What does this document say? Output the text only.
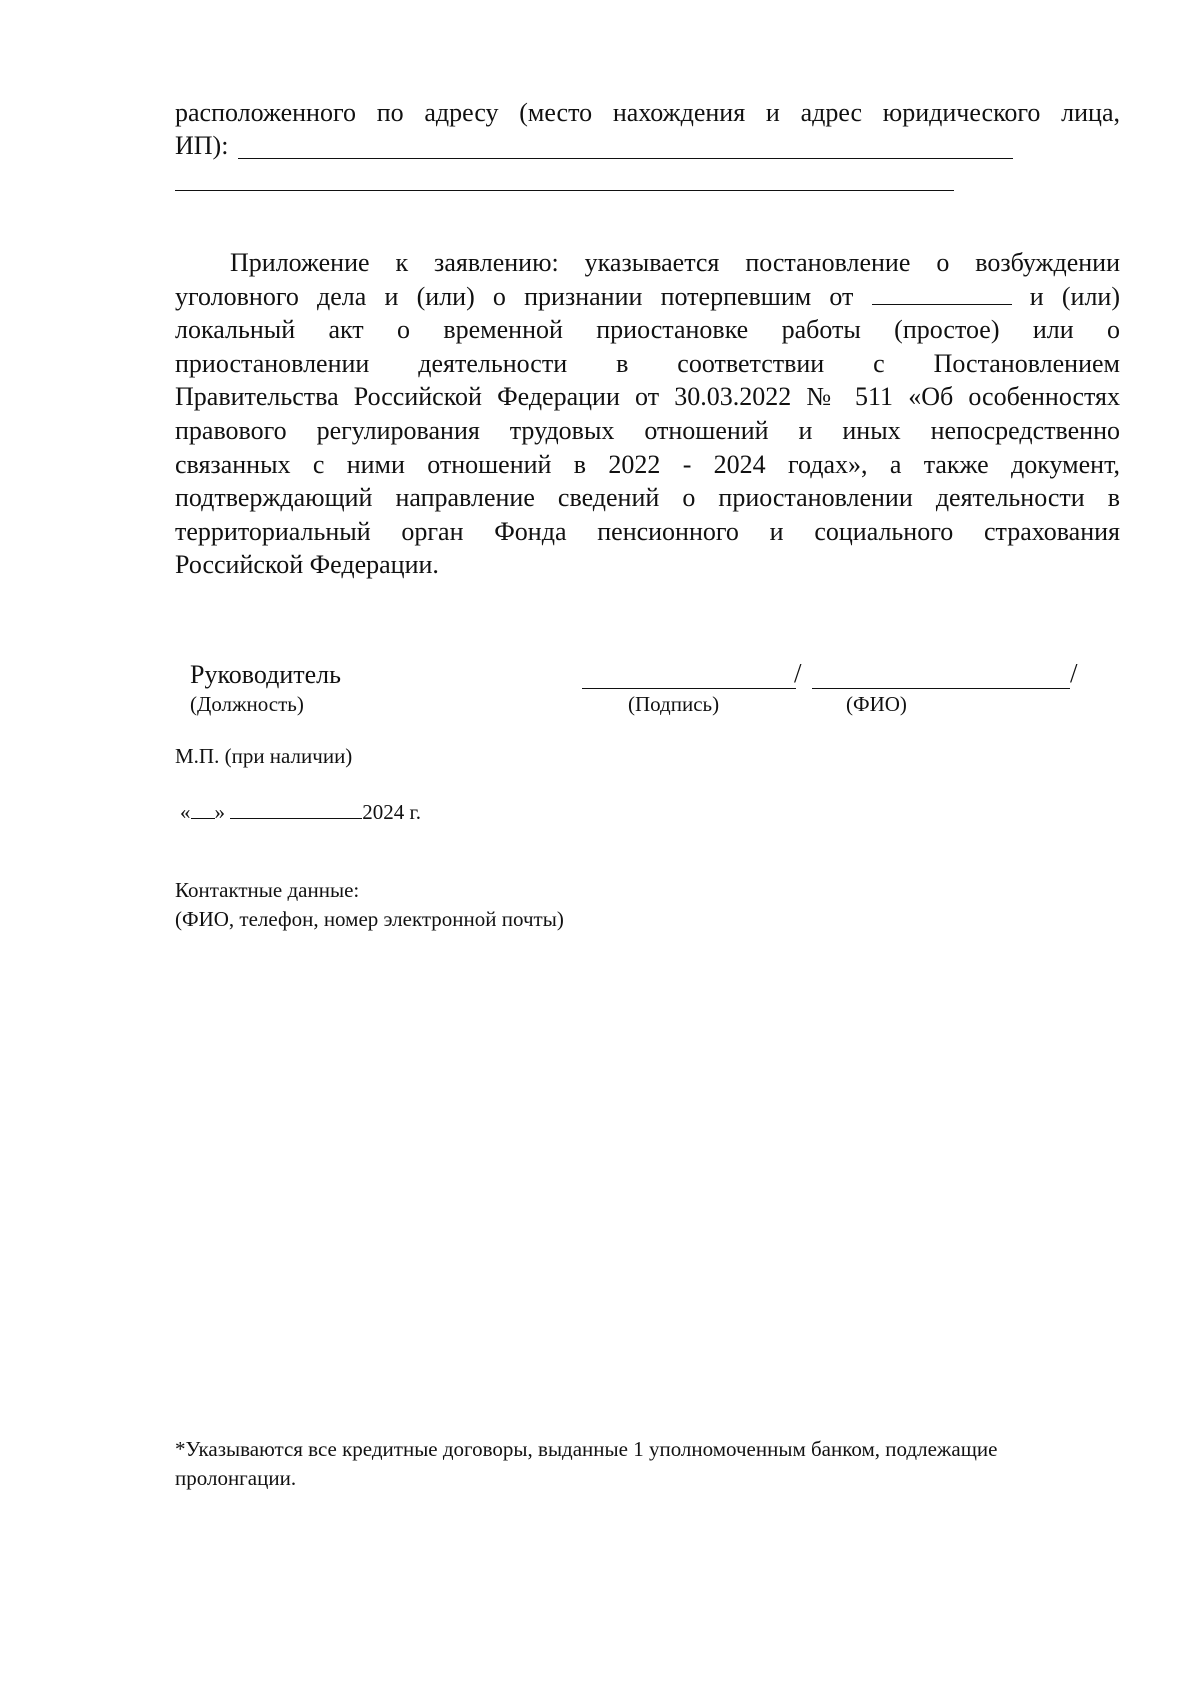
расположенного по адресу (место нахождения и адрес юридического лица,
ИП):
Приложение к заявлению: указывается постановление о возбуждении
уголовного дела и (или) о признании потерпевшим от	и (или)
локальный акт о временной приостановке работы (простое) или о
приостановлении деятельности в соответствии с Постановлением
Правительства Российской Федерации от 30.03.2022 № 511 «Об особенностях
правового регулирования трудовых отношений и иных непосредственно
связанных с ними отношений в 2022 - 2024 годах», а также документ,
подтверждающий направление сведений о приостановлении деятельности в
территориальный орган Фонда пенсионного и социального страхования
Российской Федерации.
Руководитель
(Должность)
/	/
(Подпись)	(ФИО)
М.П. (при наличии)
« »	2024 г.
Контактные данные:
(ФИО, телефон, номер электронной почты)
*Указываются все кредитные договоры, выданные 1 уполномоченным банком, подлежащие
пролонгации.
